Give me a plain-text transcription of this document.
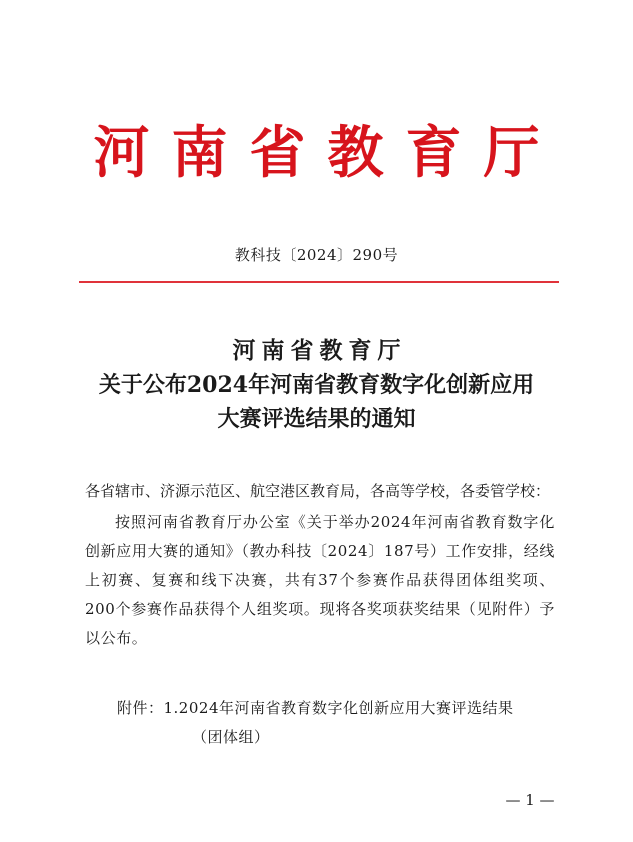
河南省教育厅
教科技〔2024〕290号
河南省教育厅
关于公布2024年河南省教育数字化创新应用
大赛评选结果的通知
各省辖市、济源示范区、航空港区教育局，各高等学校，各委管学校：
按照河南省教育厅办公室《关于举办2024年河南省教育数字化创新应用大赛的通知》（教办科技〔2024〕187号）工作安排，经线上初赛、复赛和线下决赛，共有37个参赛作品获得团体组奖项、200个参赛作品获得个人组奖项。现将各奖项获奖结果（见附件）予以公布。
附件：1.2024年河南省教育数字化创新应用大赛评选结果
（团体组）
— 1 —
